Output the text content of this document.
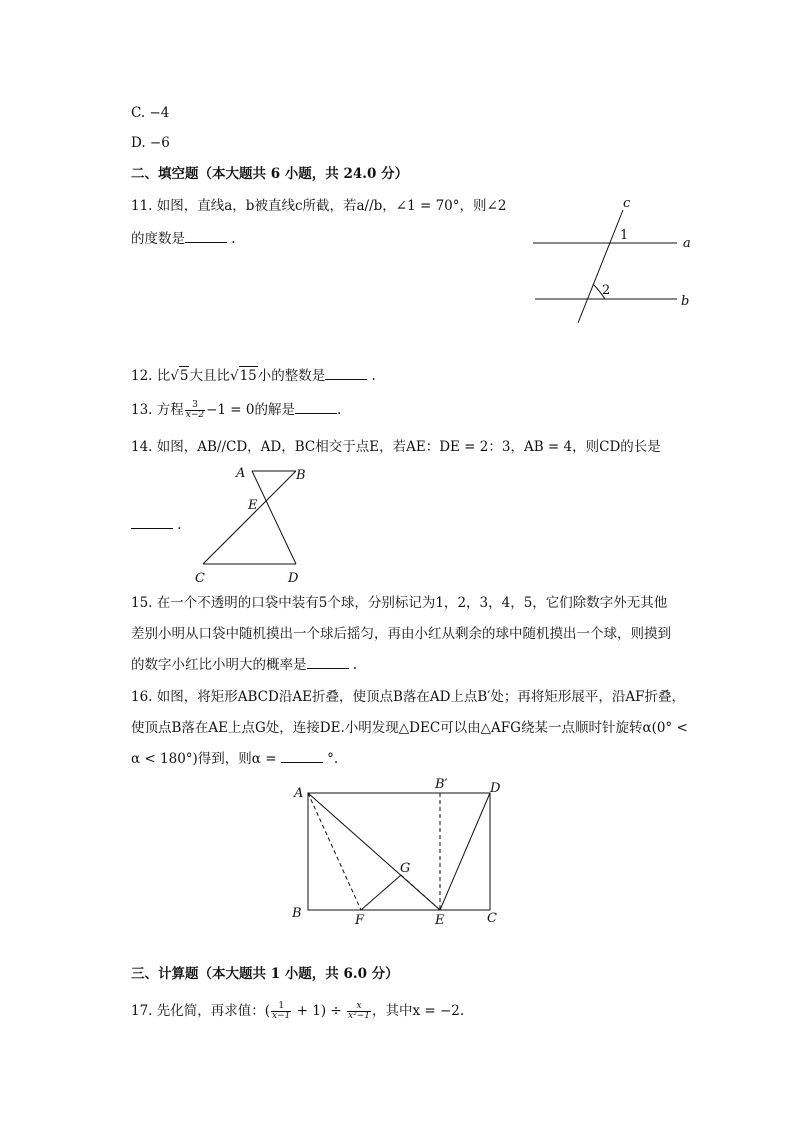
C. −4
D. −6
二、填空题（本大题共 6 小题，共 24.0 分）
11. 如图，直线a，b被直线c所截，若a//b，∠1 = 70°，则∠2
的度数是	.
c
a
b
1
2
12. 比√5大且比√15小的整数是	.
13. 方程 $\frac{3}{x-2} -1 = 0$的解是	.
14. 如图，AB//CD，AD，BC相交于点E，若AE：DE = 2：3，AB = 4，则CD的长是
A	B
E
C	D
.
15. 在一个不透明的口袋中装有5个球，分别标记为1，2，3，4，5，它们除数字外无其他
差别小明从口袋中随机摸出一个球后摇匀，再由小红从剩余的球中随机摸出一个球，则摸到
的数字小红比小明大的概率是	.
16. 如图，将矩形ABCD沿AE折叠，使顶点B落在AD上点B′处；再将矩形展平，沿AF折叠，
使顶点B落在AE上点G处，连接DE.小明发现△DEC可以由△AFG绕某一点顺时针旋转α(0° <
α < 180°)得到，则α =	°.
A
B′	D
G
B	F	E	C
三、计算题（本大题共 1 小题，共 6.0 分）
17. 先化简，再求值：( $\frac{1}{x-1} + 1) \div \frac{x}{\text{x²−1}}$ ，其中x = −2.
